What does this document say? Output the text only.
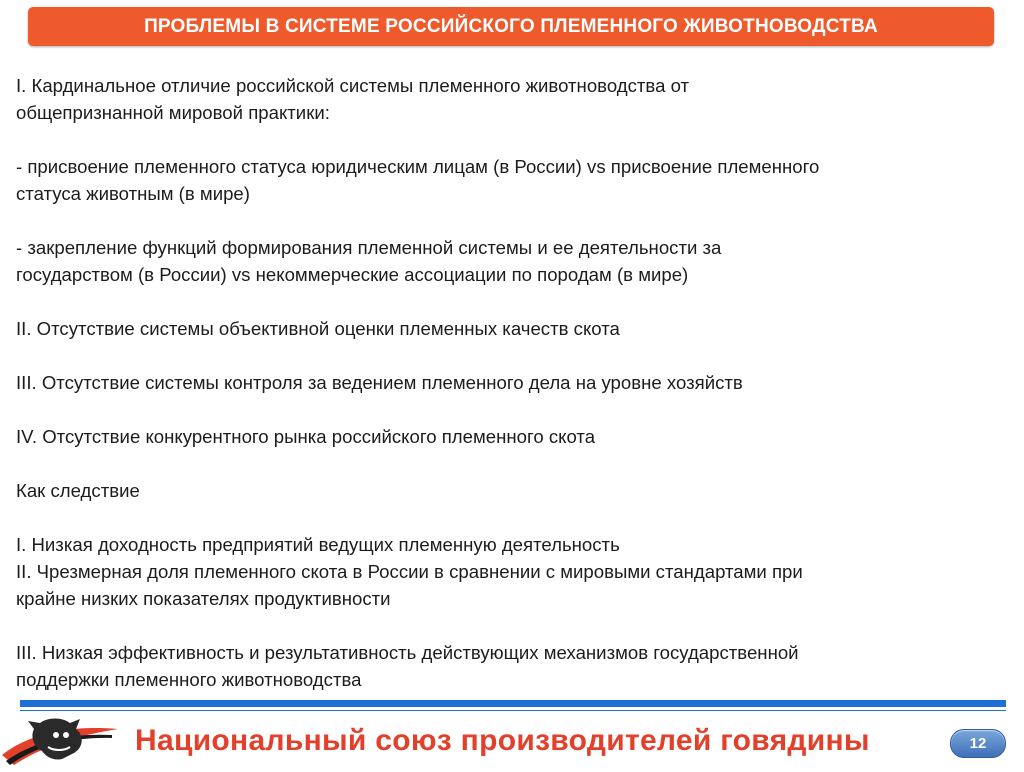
ПРОБЛЕМЫ В СИСТЕМЕ РОССИЙСКОГО ПЛЕМЕННОГО ЖИВОТНОВОДСТВА

I. Кардинальное отличие российской системы племенного животноводства от
общепризнанной мировой практики:

- присвоение племенного статуса юридическим лицам (в России) vs присвоение племенного
статуса животным (в мире)

- закрепление функций формирования племенной системы и ее деятельности за
государством (в России) vs некоммерческие ассоциации по породам (в мире)

II. Отсутствие системы объективной оценки племенных качеств скота

III. Отсутствие системы контроля за ведением племенного дела на уровне хозяйств

IV. Отсутствие конкурентного рынка российского племенного скота

Как следствие

I. Низкая доходность предприятий ведущих племенную деятельность

II. Чрезмерная доля племенного скота в России в сравнении с мировыми стандартами при
крайне низких показателях продуктивности

III. Низкая эффективность и результативность действующих механизмов государственной
поддержки племенного животноводства

Национальный союз производителей говядины	12
